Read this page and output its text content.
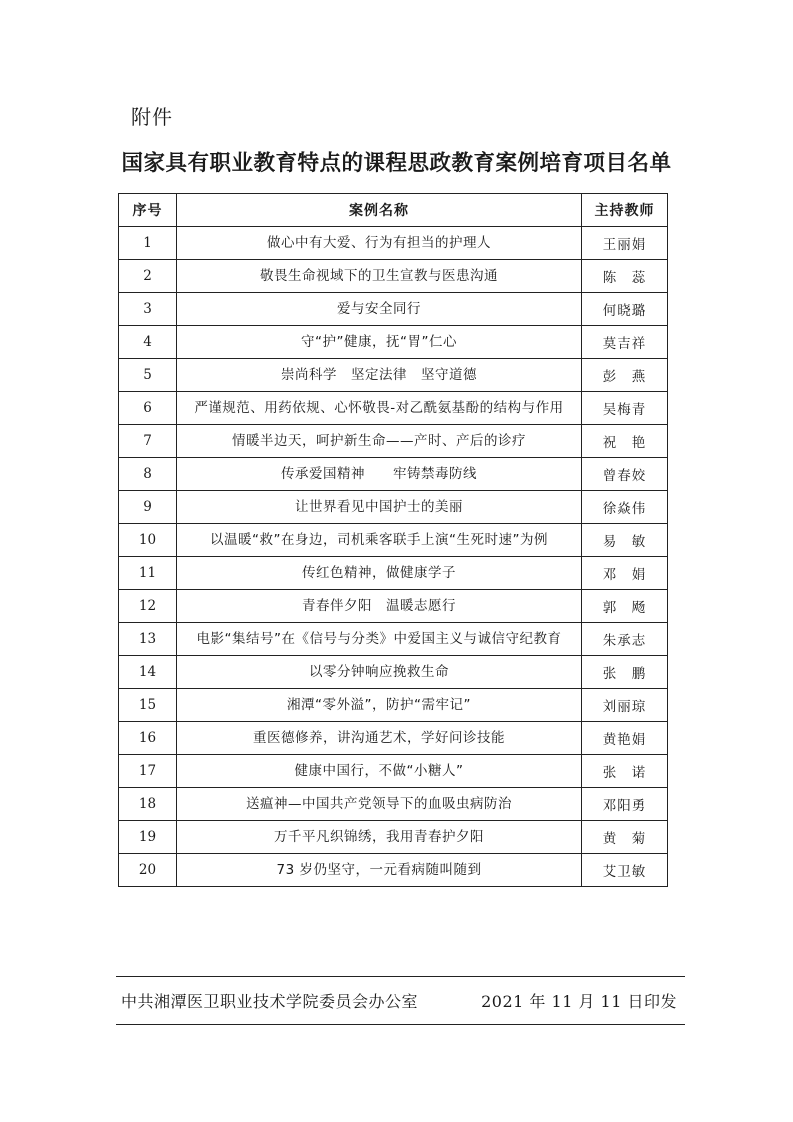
附件
国家具有职业教育特点的课程思政教育案例培育项目名单
序号	案例名称	主持教师
1	做心中有大爱、行为有担当的护理人	王丽娟
2	敬畏生命视域下的卫生宣教与医患沟通	陈　蕊
3	爱与安全同行	何晓璐
4	守“护”健康，抚“胃”仁心	莫吉祥
5	崇尚科学　坚定法律　坚守道德	彭　燕
6	严谨规范、用药依规、心怀敬畏-对乙酰氨基酚的结构与作用	吴梅青
7	情暖半边天，呵护新生命——产时、产后的诊疗	祝　艳
8	传承爱国精神　　牢铸禁毒防线	曾春姣
9	让世界看见中国护士的美丽	徐焱伟
10	以温暖“救”在身边，司机乘客联手上演“生死时速”为例	易　敏
11	传红色精神，做健康学子	邓　娟
12	青春伴夕阳　温暖志愿行	郭　飏
13	电影“集结号”在《信号与分类》中爱国主义与诚信守纪教育	朱承志
14	以零分钟响应挽救生命	张　鹏
15	湘潭“零外溢”，防护“需牢记”	刘丽琼
16	重医德修养，讲沟通艺术，学好问诊技能	黄艳娟
17	健康中国行，不做“小糖人”	张　诺
18	送瘟神—中国共产党领导下的血吸虫病防治	邓阳勇
19	万千平凡织锦绣，我用青春护夕阳	黄　菊
20	73 岁仍坚守，一元看病随叫随到	艾卫敏
中共湘潭医卫职业技术学院委员会办公室	2021 年 11 月 11 日印发
